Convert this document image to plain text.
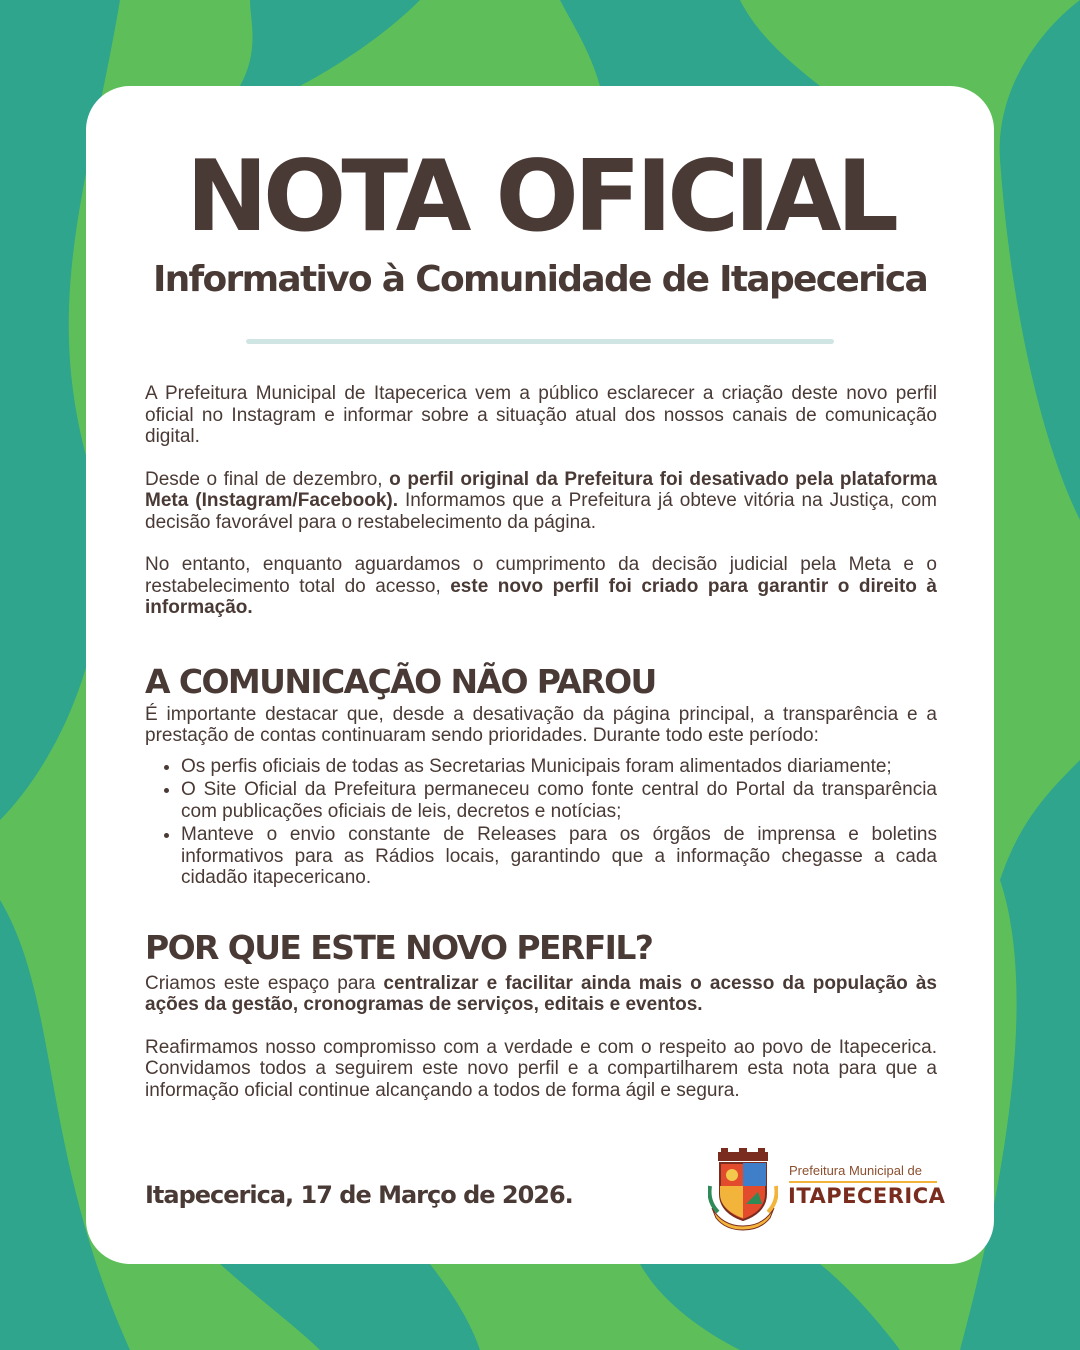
NOTA OFICIAL
Informativo à Comunidade de Itapecerica

A Prefeitura Municipal de Itapecerica vem a público esclarecer a criação deste novo perfil oficial no Instagram e informar sobre a situação atual dos nossos canais de comunicação digital.

Desde o final de dezembro, o perfil original da Prefeitura foi desativado pela plataforma Meta (Instagram/Facebook). Informamos que a Prefeitura já obteve vitória na Justiça, com decisão favorável para o restabelecimento da página.

No entanto, enquanto aguardamos o cumprimento da decisão judicial pela Meta e o restabelecimento total do acesso, este novo perfil foi criado para garantir o direito à informação.

A COMUNICAÇÃO NÃO PAROU

É importante destacar que, desde a desativação da página principal, a transparência e a prestação de contas continuaram sendo prioridades. Durante todo este período:

• Os perfis oficiais de todas as Secretarias Municipais foram alimentados diariamente;
• O Site Oficial da Prefeitura permaneceu como fonte central do Portal da transparência com publicações oficiais de leis, decretos e notícias;
• Manteve o envio constante de Releases para os órgãos de imprensa e boletins informativos para as Rádios locais, garantindo que a informação chegasse a cada cidadão itapecericano.
POR QUE ESTE NOVO PERFIL?

Criamos este espaço para centralizar e facilitar ainda mais o acesso da população às ações da gestão, cronogramas de serviços, editais e eventos.

Reafirmamos nosso compromisso com a verdade e com o respeito ao povo de Itapecerica. Convidamos todos a seguirem este novo perfil e a compartilharem esta nota para que a informação oficial continue alcançando a todos de forma ágil e segura.

Itapecerica, 17 de Março de 2026.
Prefeitura Municipal de
ITAPECERICA
